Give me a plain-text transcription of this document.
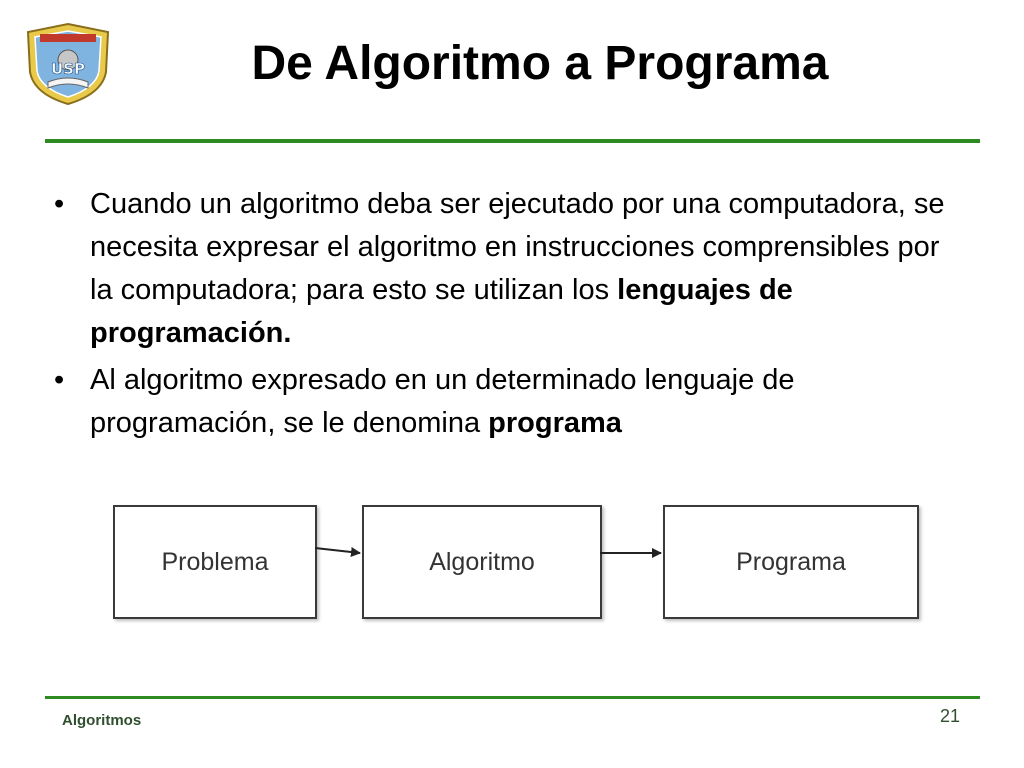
USP	De Algoritmo a Programa
• Cuando un algoritmo deba ser ejecutado por una computadora, se necesita expresar el algoritmo en instrucciones comprensibles por la computadora; para esto se utilizan los lenguajes de programación.
• Al algoritmo expresado en un determinado lenguaje de programación, se le denomina programa
Problema	Algoritmo	Programa
Algoritmos	21
